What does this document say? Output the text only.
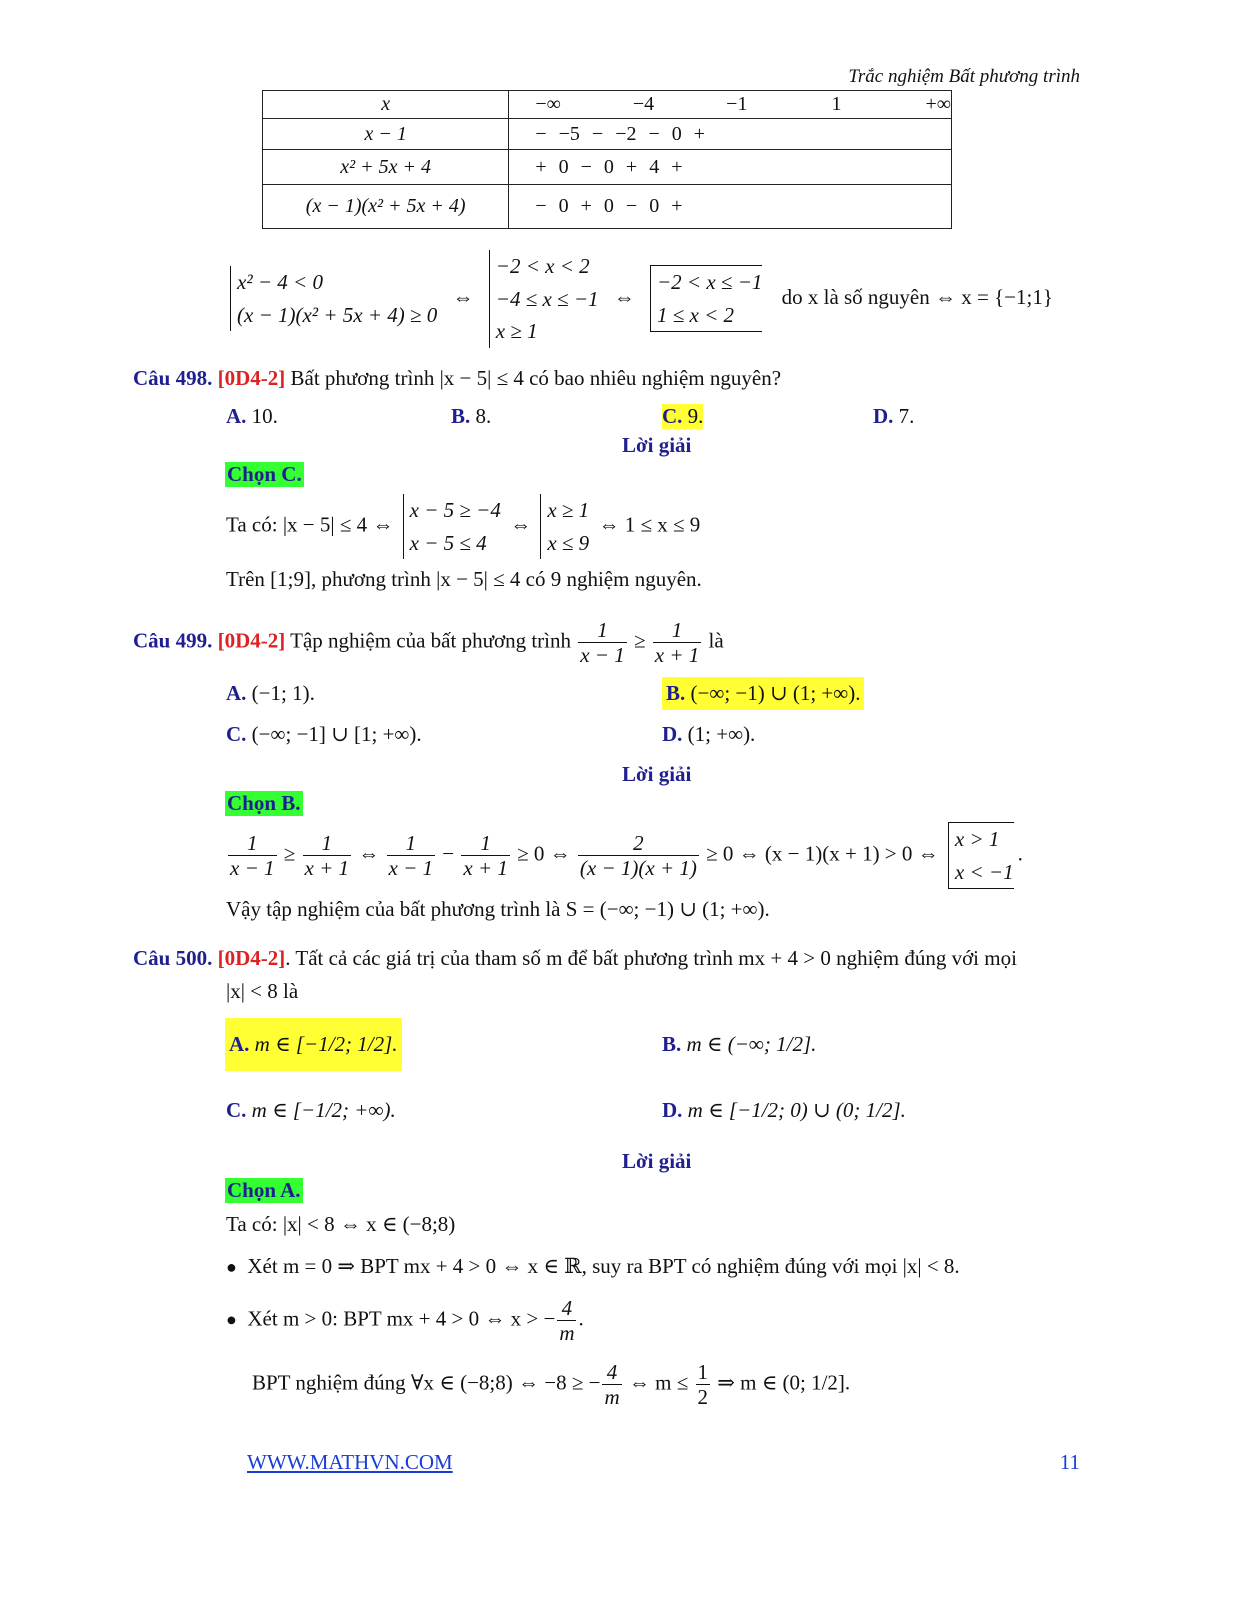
Trắc nghiệm Bất phương trình
x	−∞      −4      −1       1       +∞
x − 1	− −5 − −2 − 0 +
x² + 5x + 4	+ 0 − 0 + 4 +
(x − 1)(x² + 5x + 4)	− 0 + 0 − 0 +
x² − 4 < 0
(x − 1)(x² + 5x + 4) ≥ 0
⇔
−2 < x < 2
−4 ≤ x ≤ −1
x ≥ 1
⇔
−2 < x ≤ −1
1 ≤ x < 2
do x là số nguyên ⇔ x = {−1;1}
Câu 498. [0D4-2] Bất phương trình |x − 5| ≤ 4 có bao nhiêu nghiệm nguyên?
A. 10.	B. 8.	C. 9.	D. 7.
Lời giải
Chọn C.
Ta có: |x − 5| ≤ 4 ⇔
x − 5 ≥ −4
x − 5 ≤ 4
⇔
x ≥ 1
x ≤ 9
⇔ 1 ≤ x ≤ 9
Trên [1;9], phương trình |x − 5| ≤ 4 có 9 nghiệm nguyên.
Câu 499. [0D4-2] Tập nghiệm của bất phương trình $\frac{1}{x - 1} \ge \frac{1}{x + 1}$ là
A. (−1; 1).	B. (−∞; −1) ∪ (1; +∞).
C. (−∞; −1] ∪ [1; +∞).	D. (1; +∞).
Lời giải
Chọn B.
$\frac{1}{x - 1} \ge \frac{1}{x + 1}$ ⇔ $\frac{1}{x - 1} - \frac{1}{x + 1} \ge 0$ ⇔ $\frac{2}{(x - 1)(x + 1)} \ge 0$ ⇔ (x − 1)(x + 1) > 0 ⇔
x > 1
x < −1
.
Vậy tập nghiệm của bất phương trình là S = (−∞; −1) ∪ (1; +∞).
Câu 500. [0D4-2]. Tất cả các giá trị của tham số m để bất phương trình mx + 4 > 0 nghiệm đúng với mọi
|x| < 8 là
A. m ∈ [−1/2; 1/2].	B. m ∈ (−∞; 1/2].
C. m ∈ [−1/2; +∞).	D. m ∈ [−1/2; 0) ∪ (0; 1/2].
Lời giải
Chọn A.
Ta có: |x| < 8 ⇔ x ∈ (−8;8)
● Xét m = 0 ⇒ BPT mx + 4 > 0 ⇔ x ∈ ℝ, suy ra BPT có nghiệm đúng với mọi |x| < 8.
● Xét m > 0: BPT mx + 4 > 0 ⇔ x > − $\frac{4}{m}$ .
BPT nghiệm đúng ∀x ∈ (−8;8) ⇔ −8 ≥ − $\frac{4}{m}$ ⇔ $m \le \frac{1}{2}$ ⇒ m ∈ (0; 1/2].
WWW.MATHVN.COM	11
